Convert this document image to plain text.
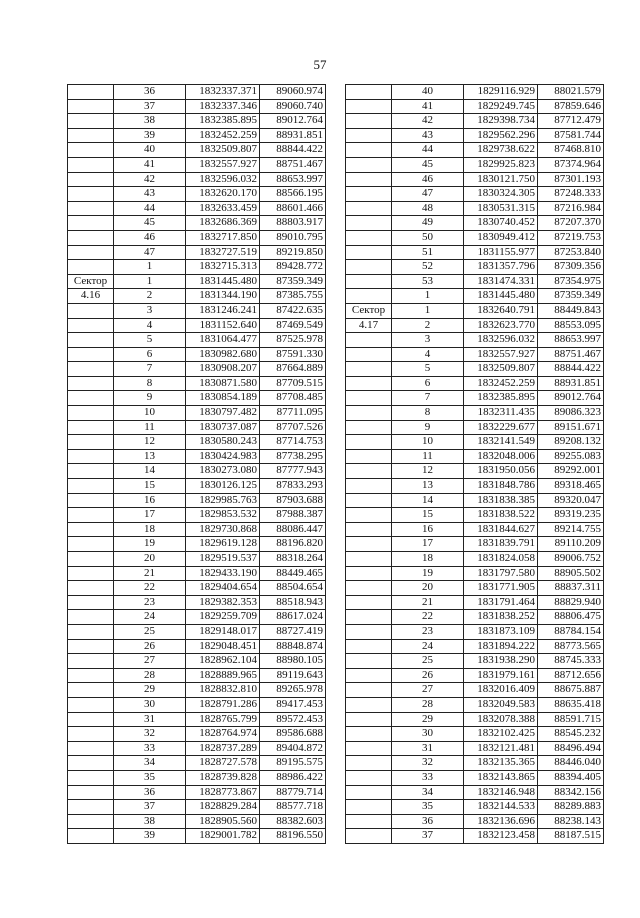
57
	36	1832337.371	89060.974
	37	1832337.346	89060.740
	38	1832385.895	89012.764
	39	1832452.259	88931.851
	40	1832509.807	88844.422
	41	1832557.927	88751.467
	42	1832596.032	88653.997
	43	1832620.170	88566.195
	44	1832633.459	88601.466
	45	1832686.369	88803.917
	46	1832717.850	89010.795
	47	1832727.519	89219.850
	1	1832715.313	89428.772
Сектор	1	1831445.480	87359.349
4.16	2	1831344.190	87385.755
	3	1831246.241	87422.635
	4	1831152.640	87469.549
	5	1831064.477	87525.978
	6	1830982.680	87591.330
	7	1830908.207	87664.889
	8	1830871.580	87709.515
	9	1830854.189	87708.485
	10	1830797.482	87711.095
	11	1830737.087	87707.526
	12	1830580.243	87714.753
	13	1830424.983	87738.295
	14	1830273.080	87777.943
	15	1830126.125	87833.293
	16	1829985.763	87903.688
	17	1829853.532	87988.387
	18	1829730.868	88086.447
	19	1829619.128	88196.820
	20	1829519.537	88318.264
	21	1829433.190	88449.465
	22	1829404.654	88504.654
	23	1829382.353	88518.943
	24	1829259.709	88617.024
	25	1829148.017	88727.419
	26	1829048.451	88848.874
	27	1828962.104	88980.105
	28	1828889.965	89119.643
	29	1828832.810	89265.978
	30	1828791.286	89417.453
	31	1828765.799	89572.453
	32	1828764.974	89586.688
	33	1828737.289	89404.872
	34	1828727.578	89195.575
	35	1828739.828	88986.422
	36	1828773.867	88779.714
	37	1828829.284	88577.718
	38	1828905.560	88382.603
	39	1829001.782	88196.550
	40	1829116.929	88021.579
	41	1829249.745	87859.646
	42	1829398.734	87712.479
	43	1829562.296	87581.744
	44	1829738.622	87468.810
	45	1829925.823	87374.964
	46	1830121.750	87301.193
	47	1830324.305	87248.333
	48	1830531.315	87216.984
	49	1830740.452	87207.370
	50	1830949.412	87219.753
	51	1831155.977	87253.840
	52	1831357.796	87309.356
	53	1831474.331	87354.975
	1	1831445.480	87359.349
Сектор	1	1832640.791	88449.843
4.17	2	1832623.770	88553.095
	3	1832596.032	88653.997
	4	1832557.927	88751.467
	5	1832509.807	88844.422
	6	1832452.259	88931.851
	7	1832385.895	89012.764
	8	1832311.435	89086.323
	9	1832229.677	89151.671
	10	1832141.549	89208.132
	11	1832048.006	89255.083
	12	1831950.056	89292.001
	13	1831848.786	89318.465
	14	1831838.385	89320.047
	15	1831838.522	89319.235
	16	1831844.627	89214.755
	17	1831839.791	89110.209
	18	1831824.058	89006.752
	19	1831797.580	88905.502
	20	1831771.905	88837.311
	21	1831791.464	88829.940
	22	1831838.252	88806.475
	23	1831873.109	88784.154
	24	1831894.222	88773.565
	25	1831938.290	88745.333
	26	1831979.161	88712.656
	27	1832016.409	88675.887
	28	1832049.583	88635.418
	29	1832078.388	88591.715
	30	1832102.425	88545.232
	31	1832121.481	88496.494
	32	1832135.365	88446.040
	33	1832143.865	88394.405
	34	1832146.948	88342.156
	35	1832144.533	88289.883
	36	1832136.696	88238.143
	37	1832123.458	88187.515
